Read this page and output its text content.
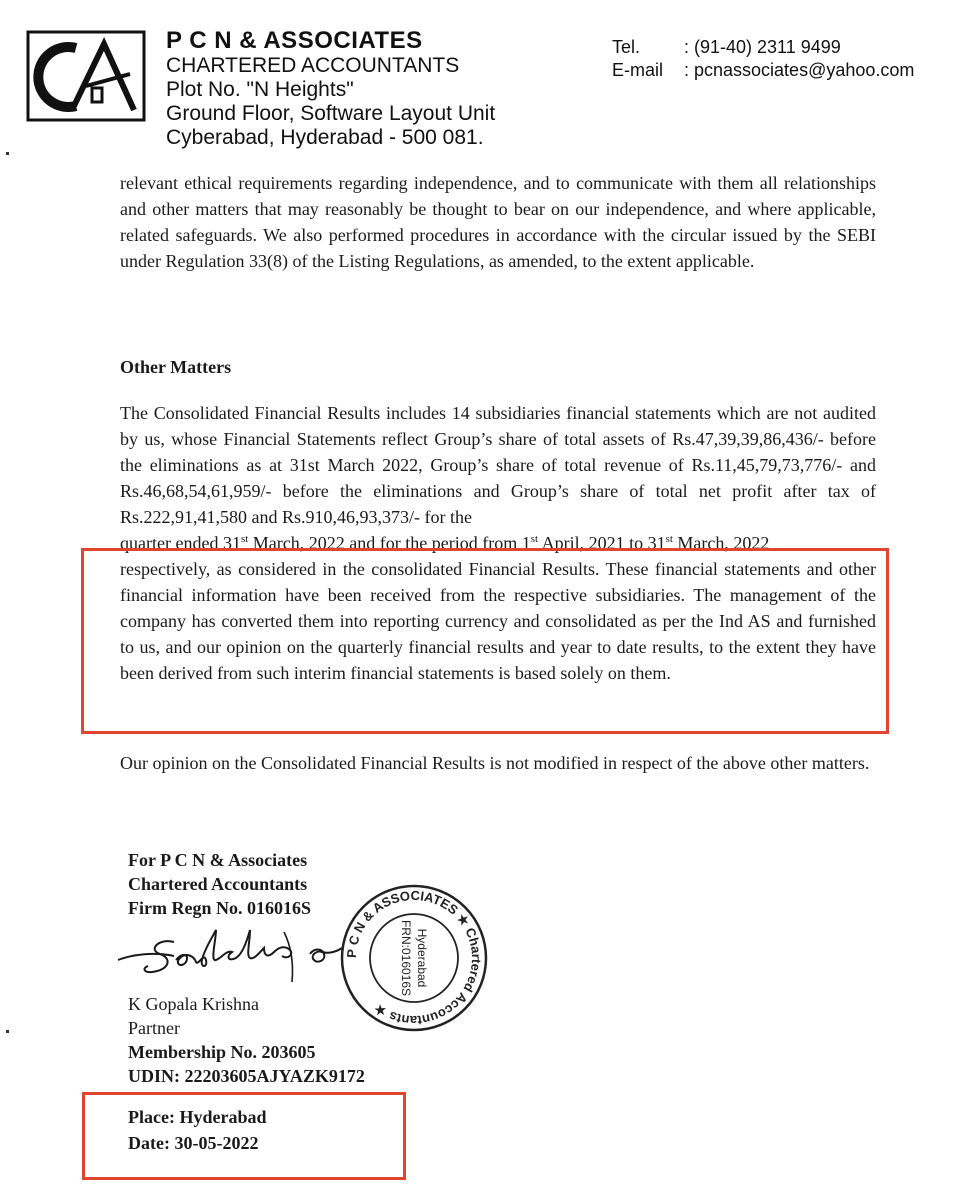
P C N & ASSOCIATES
CHARTERED ACCOUNTANTS
Plot No. "N Heights"
Ground Floor, Software Layout Unit
Cyberabad, Hyderabad - 500 081.
Tel.	: (91-40) 2311 9499
E-mail	: pcnassociates@yahoo.com

relevant ethical requirements regarding independence, and to communicate with them all relationships and other matters that may reasonably be thought to bear on our independence, and where applicable, related safeguards. We also performed procedures in accordance with the circular issued by the SEBI under Regulation 33(8) of the Listing Regulations, as amended, to the extent applicable.

Other Matters

The Consolidated Financial Results includes 14 subsidiaries financial statements which are not audited by us, whose Financial Statements reflect Group’s share of total assets of Rs.47,39,39,86,436/- before the eliminations as at 31st March 2022, Group’s share of total revenue of Rs.11,45,79,73,776/- and Rs.46,68,54,61,959/- before the eliminations and Group’s share of total net profit after tax of Rs.222,91,41,580 and Rs.910,46,93,373/- for the

quarter ended 31st March, 2022 and for the period from 1st April, 2021 to 31st March, 2022

respectively, as considered in the consolidated Financial Results. These financial statements and other financial information have been received from the respective subsidiaries. The management of the company has converted them into reporting currency and consolidated as per the Ind AS and furnished to us, and our opinion on the quarterly financial results and year to date results, to the extent they have been derived from such interim financial statements is based solely on them.

Our opinion on the Consolidated Financial Results is not modified in respect of the above other matters.

For P C N & Associates
Chartered Accountants
Firm Regn No. 016016S
K Gopala Krishna
Partner
Membership No. 203605
UDIN: 22203605AJYAZK9172
P C N & ASSOCIATES ★ Chartered Accountants ★
Hyderabad
FRN:016016S
Place: Hyderabad
Date: 30-05-2022
